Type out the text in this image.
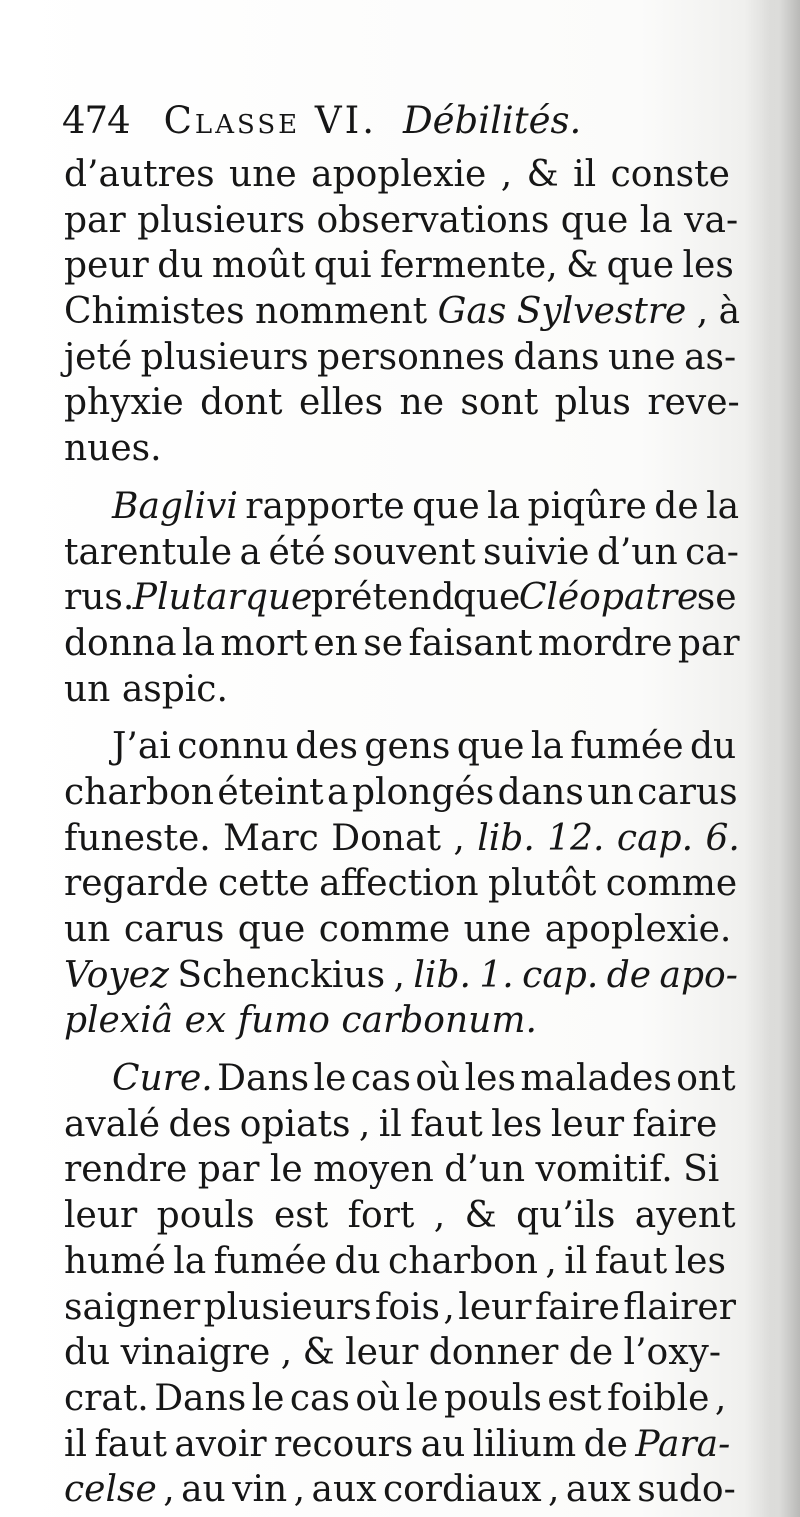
474 Classe VI. Débilités.
d’autres une apoplexie , & il conste
par plusieurs observations que la va-
peur du moût qui fermente, & que les
Chimistes nomment Gas Sylvestre , à
jeté plusieurs personnes dans une as-
phyxie dont elles ne sont plus reve-
nues.
Baglivi rapporte que la piqûre de la
tarentule a été souvent suivie d’un ca-
rus. Plutarque prétend que Cléopatre se
donna la mort en se faisant mordre par
un aspic.
J’ai connu des gens que la fumée du
charbon éteint a plongés dans un carus
funeste. Marc Donat , lib. 12. cap. 6.
regarde cette affection plutôt comme
un carus que comme une apoplexie.
Voyez Schenckius , lib. 1. cap. de apo-
plexiâ ex fumo carbonum.
Cure. Dans le cas où les malades ont
avalé des opiats , il faut les leur faire
rendre par le moyen d’un vomitif. Si
leur pouls est fort , & qu’ils ayent
humé la fumée du charbon , il faut les
saigner plusieurs fois , leur faire flairer
du vinaigre , & leur donner de l’oxy-
crat. Dans le cas où le pouls est foible ,
il faut avoir recours au lilium de Para-
celse , au vin , aux cordiaux , aux sudo-
